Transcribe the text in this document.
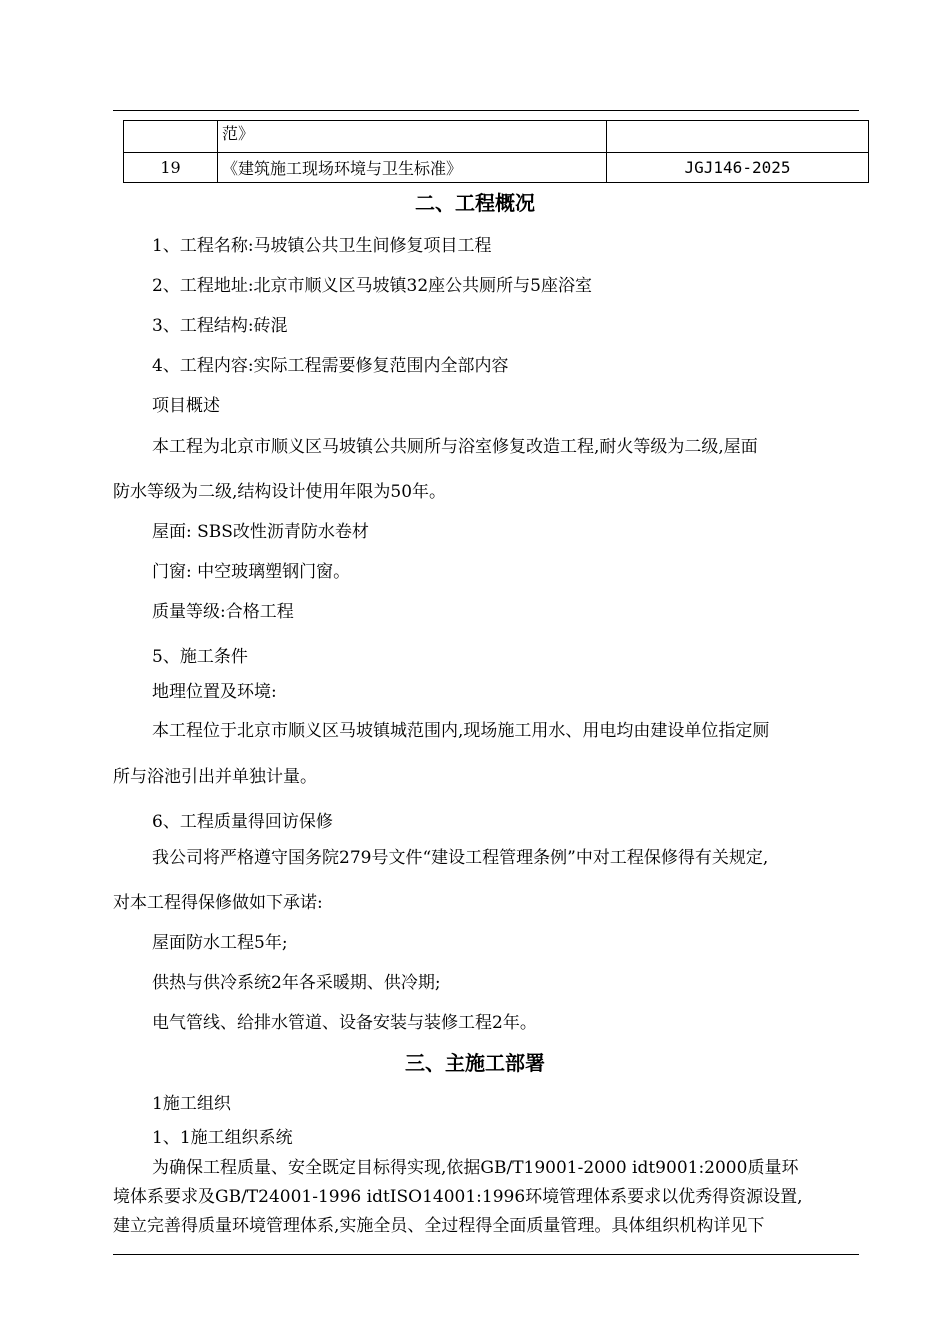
	范》	
19	《建筑施工现场环境与卫生标准》	JGJ146-2025
二、工程概况
1、工程名称:马坡镇公共卫生间修复项目工程
2、工程地址:北京市顺义区马坡镇32座公共厕所与5座浴室
3、工程结构:砖混
4、工程内容:实际工程需要修复范围内全部内容
项目概述
本工程为北京市顺义区马坡镇公共厕所与浴室修复改造工程,耐火等级为二级,屋面
防水等级为二级,结构设计使用年限为50年。
屋面: SBS改性沥青防水卷材
门窗: 中空玻璃塑钢门窗。
质量等级:合格工程
5、施工条件
地理位置及环境:
本工程位于北京市顺义区马坡镇城范围内,现场施工用水、用电均由建设单位指定厕
所与浴池引出并单独计量。
6、工程质量得回访保修
我公司将严格遵守国务院279号文件“建设工程管理条例”中对工程保修得有关规定,
对本工程得保修做如下承诺:
屋面防水工程5年;
供热与供冷系统2年各采暖期、供冷期;
电气管线、给排水管道、设备安装与装修工程2年。
三、主施工部署
1施工组织
1、1施工组织系统
为确保工程质量、安全既定目标得实现,依据GB/T19001-2000 idt9001:2000质量环
境体系要求及GB/T24001-1996 idtISO14001:1996环境管理体系要求以优秀得资源设置,
建立完善得质量环境管理体系,实施全员、全过程得全面质量管理。具体组织机构详见下
